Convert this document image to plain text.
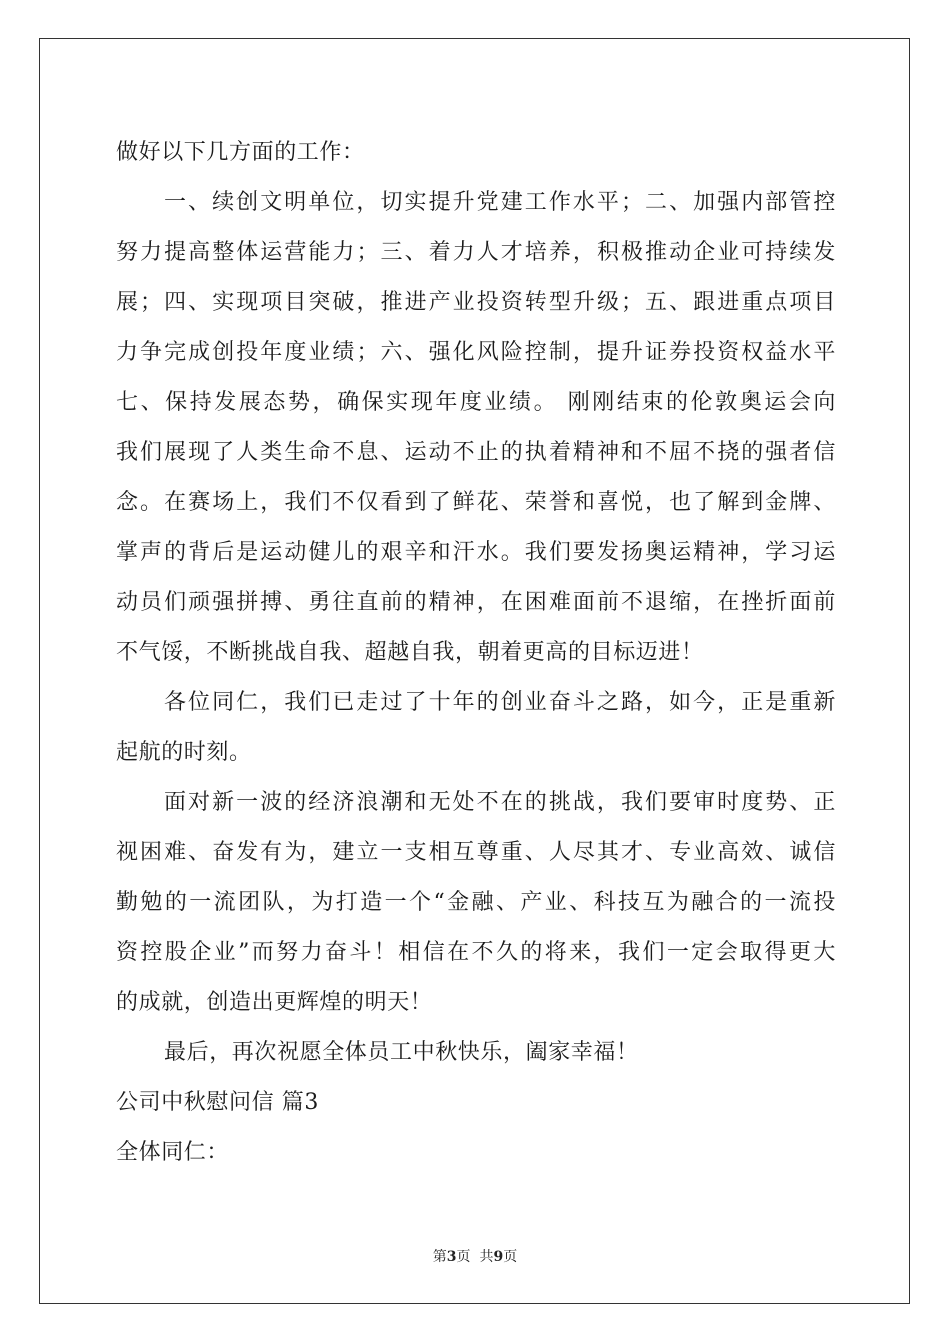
做好以下几方面的工作：
一、续创文明单位，切实提升党建工作水平；二、加强内部管控
努力提高整体运营能力；三、着力人才培养，积极推动企业可持续发
展；四、实现项目突破，推进产业投资转型升级；五、跟进重点项目
力争完成创投年度业绩；六、强化风险控制，提升证券投资权益水平
七、保持发展态势，确保实现年度业绩。 刚刚结束的伦敦奥运会向
我们展现了人类生命不息、运动不止的执着精神和不屈不挠的强者信
念。在赛场上，我们不仅看到了鲜花、荣誉和喜悦，也了解到金牌、
掌声的背后是运动健儿的艰辛和汗水。我们要发扬奥运精神，学习运
动员们顽强拼搏、勇往直前的精神，在困难面前不退缩，在挫折面前
不气馁，不断挑战自我、超越自我，朝着更高的目标迈进！
各位同仁，我们已走过了十年的创业奋斗之路，如今，正是重新
起航的时刻。
面对新一波的经济浪潮和无处不在的挑战，我们要审时度势、正
视困难、奋发有为，建立一支相互尊重、人尽其才、专业高效、诚信
勤勉的一流团队，为打造一个“金融、产业、科技互为融合的一流投
资控股企业”而努力奋斗！相信在不久的将来，我们一定会取得更大
的成就，创造出更辉煌的明天！
最后，再次祝愿全体员工中秋快乐，阖家幸福！
公司中秋慰问信 篇3
全体同仁：
第3页  共9页
